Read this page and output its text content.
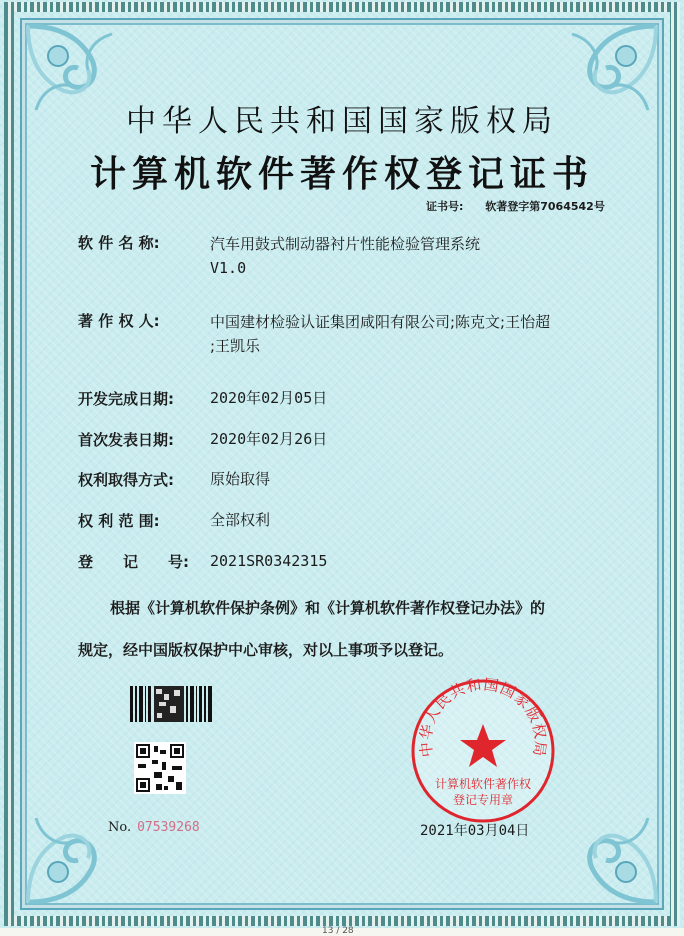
中华人民共和国国家版权局
计算机软件著作权登记证书
证书号: 软著登字第7064542号
软 件 名 称:	汽车用鼓式制动器衬片性能检验管理系统
V1.0
著 作 权 人:	中国建材检验认证集团咸阳有限公司;陈克文;王怡超
;王凯乐
开发完成日期: 2020年02月05日
首次发表日期: 2020年02月26日
权利取得方式: 原始取得
权 利 范 围:	全部权利
登　　记　　号: 2021SR0342315
根据《计算机软件保护条例》和《计算机软件著作权登记办法》的
规定，经中国版权保护中心审核，对以上事项予以登记。
No. 07539268
中华人民共和国国家版权局
计算机软件著作权
登记专用章
2021年03月04日
13 / 28
